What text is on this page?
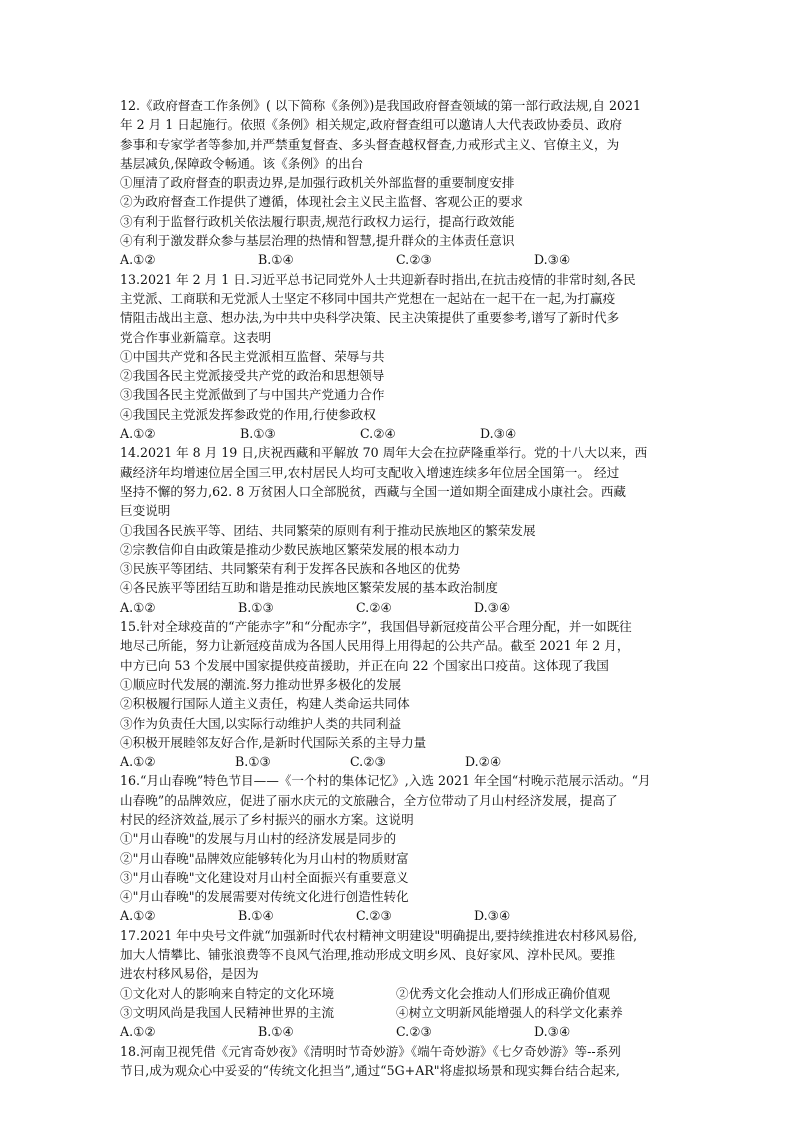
12.《政府督查工作条例》( 以下简称《条例》)是我国政府督查领域的第一部行政法规,自 2021
年 2 月 1 日起施行。依照《条例》相关规定,政府督查组可以邀请人大代表政协委员、政府
参事和专家学者等参加,并严禁重复督查、多头督查越权督查,力戒形式主义、官僚主义，为
基层减负,保障政令畅通。该《条例》的出台
①厘清了政府督查的职责边界,是加强行政机关外部监督的重要制度安排
②为政府督查工作提供了遵循，体现社会主义民主监督、客观公正的要求
③有利于监督行政机关依法履行职责,规范行政权力运行，提高行政效能
④有利于激发群众参与基层治理的热情和智慧,提升群众的主体责任意识
A.①②	B.①④	C.②③	D.③④
13.2021 年 2 月 1 日.习近平总书记同党外人士共迎新春时指出,在抗击疫情的非常时刻,各民
主党派、工商联和无党派人士坚定不移同中国共产党想在一起站在一起干在一起,为打赢疫
情阻击战出主意、想办法,为中共中央科学决策、民主决策提供了重要参考,谱写了新时代多
党合作事业新篇章。这表明
①中国共产党和各民主党派相互监督、荣辱与共
②我国各民主党派接受共产党的政治和思想领导
③我国各民主党派做到了与中国共产党通力合作
④我国民主党派发挥参政党的作用,行使参政权
A.①②	B.①③	C.②④	D.③④
14.2021 年 8 月 19 日,庆祝西藏和平解放 70 周年大会在拉萨隆重举行。党的十八大以来，西
藏经济年均增速位居全国三甲,农村居民人均可支配收入增速连续多年位居全国第一。 经过
坚持不懈的努力,62. 8 万贫困人口全部脱贫，西藏与全国一道如期全面建成小康社会。西藏
巨变说明
①我国各民族平等、团结、共同繁荣的原则有利于推动民族地区的繁荣发展
②宗教信仰自由政策是推动少数民族地区繁荣发展的根本动力
③民族平等团结、共同繁荣有利于发挥各民族和各地区的优势
④各民族平等团结互助和谐是推动民族地区繁荣发展的基本政治制度
A.①②	B.①③	C.②④	D.③④
15.针对全球疫苗的“产能赤字”和“分配赤字”，我国倡导新冠疫苗公平合理分配，并一如既往
地尽己所能，努力让新冠疫苗成为各国人民用得上用得起的公共产品。截至 2021 年 2 月，
中方已向 53 个发展中国家提供疫苗援助，并正在向 22 个国家出口疫苗。这体现了我国
①顺应时代发展的潮流.努力推动世界多极化的发展
②积极履行国际人道主义责任，构建人类命运共同体
③作为负责任大国,以实际行动维护人类的共同利益
④积极开展睦邻友好合作,是新时代国际关系的主导力量
A.①②	B.①③	C.②③	D.②④
16.“月山春晚”特色节目——《一个村的集体记忆》,入选 2021 年全国“村晚示范展示活动。“月
山春晚”的品牌效应，促进了丽水庆元的文旅融合，全方位带动了月山村经济发展，提高了
村民的经济效益,展示了乡村振兴的丽水方案。这说明
①"月山春晚"的发展与月山村的经济发展是同步的
②"月山春晚"品牌效应能够转化为月山村的物质财富
③"月山春晚"文化建设对月山村全面振兴有重要意义
④"月山春晚"的发展需要对传统文化进行创造性转化
A.①②	B.①④	C.②③	D.③④
17.2021 年中央号文件就“加强新时代农村精神文明建设"明确提出,要持续推进农村移风易俗,
加大人情攀比、铺张浪费等不良风气治理,推动形成文明乡风、良好家风、淳朴民风。要推
进农村移风易俗，是因为
①文化对人的影响来自特定的文化环境	②优秀文化会推动人们形成正确价值观
③文明风尚是我国人民精神世界的主流	④树立文明新风能增强人的科学文化素养
A.①②	B.①④	C.②③	D.③④
18.河南卫视凭借《元宵奇妙夜》《清明时节奇妙游》《端午奇妙游》《七夕奇妙游》等--系列
节日,成为观众心中妥妥的“传统文化担当”,通过“5G+AR"将虚拟场景和现实舞台结合起来,
